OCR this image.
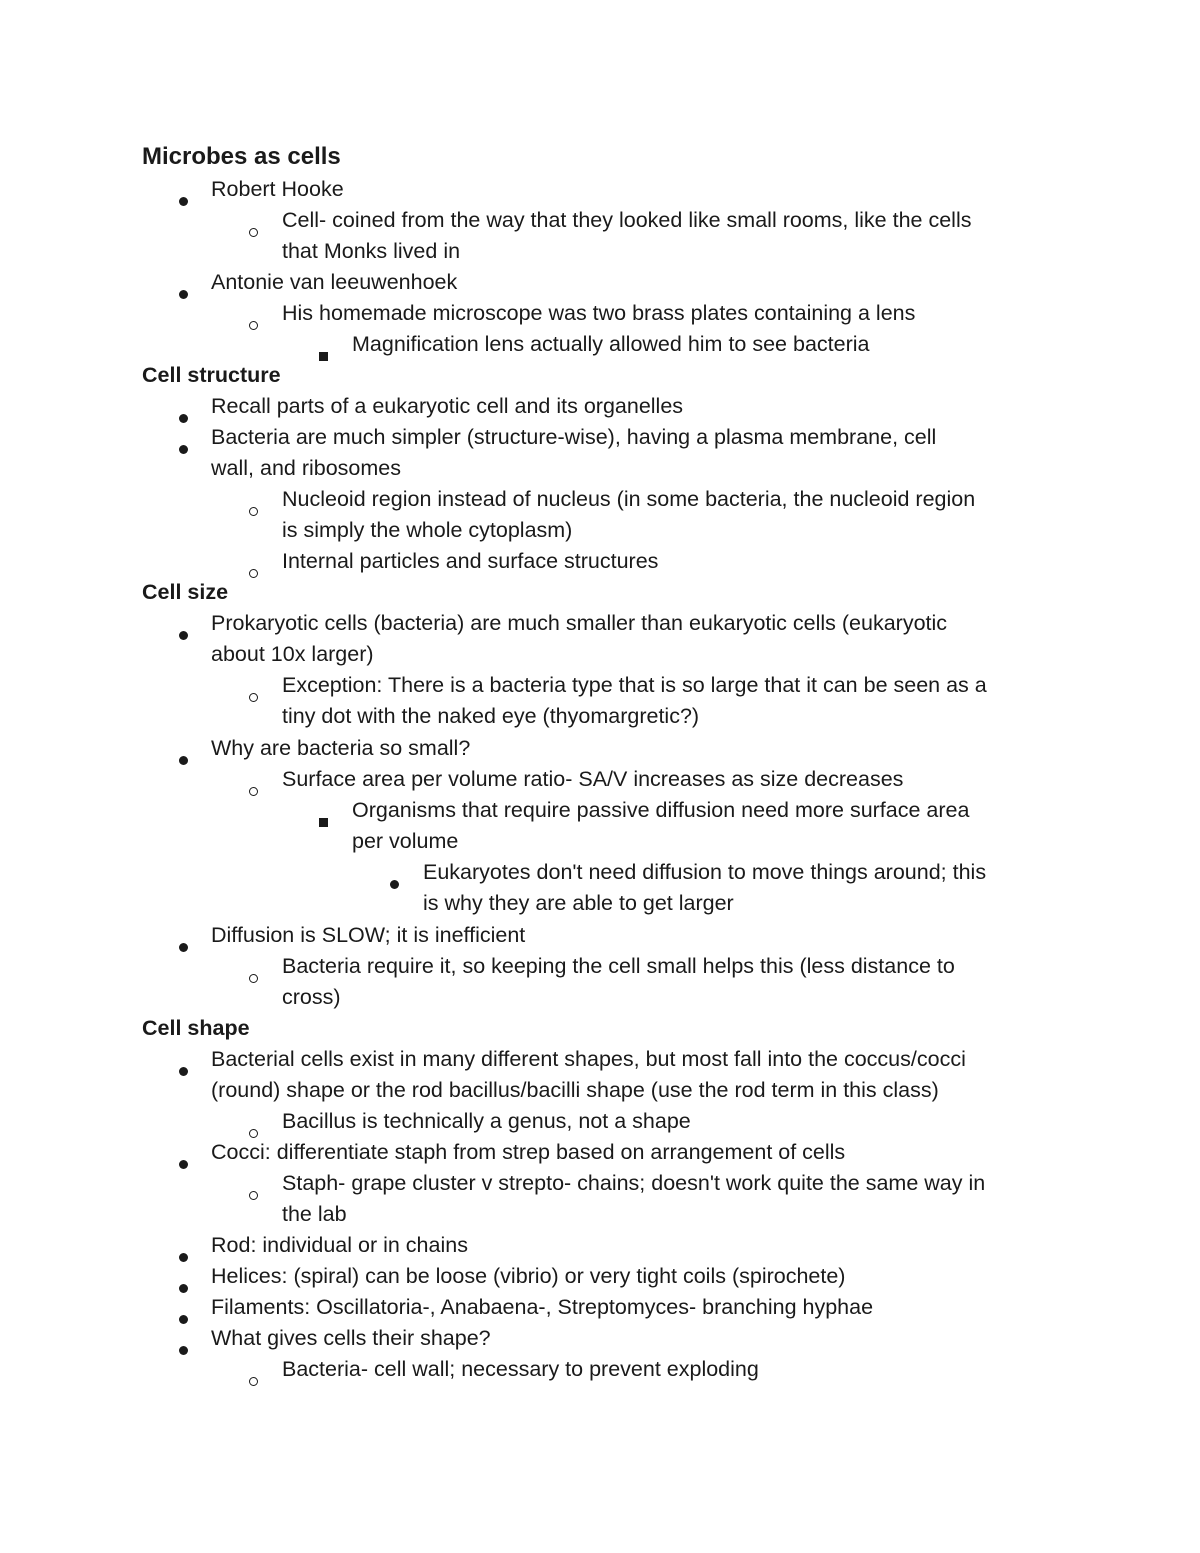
Microbes as cells
Robert Hooke
Cell- coined from the way that they looked like small rooms, like the cells
that Monks lived in
Antonie van leeuwenhoek
His homemade microscope was two brass plates containing a lens
Magnification lens actually allowed him to see bacteria
Cell structure
Recall parts of a eukaryotic cell and its organelles
Bacteria are much simpler (structure-wise), having a plasma membrane, cell
wall, and ribosomes
Nucleoid region instead of nucleus (in some bacteria, the nucleoid region
is simply the whole cytoplasm)
Internal particles and surface structures
Cell size
Prokaryotic cells (bacteria) are much smaller than eukaryotic cells (eukaryotic
about 10x larger)
Exception: There is a bacteria type that is so large that it can be seen as a
tiny dot with the naked eye (thyomargretic?)
Why are bacteria so small?
Surface area per volume ratio- SA/V increases as size decreases
Organisms that require passive diffusion need more surface area
per volume
Eukaryotes don't need diffusion to move things around; this
is why they are able to get larger
Diffusion is SLOW; it is inefficient
Bacteria require it, so keeping the cell small helps this (less distance to
cross)
Cell shape
Bacterial cells exist in many different shapes, but most fall into the coccus/cocci
(round) shape or the rod bacillus/bacilli shape (use the rod term in this class)
Bacillus is technically a genus, not a shape
Cocci: differentiate staph from strep based on arrangement of cells
Staph- grape cluster v strepto- chains; doesn't work quite the same way in
the lab
Rod: individual or in chains
Helices: (spiral) can be loose (vibrio) or very tight coils (spirochete)
Filaments: Oscillatoria-, Anabaena-, Streptomyces- branching hyphae
What gives cells their shape?
Bacteria- cell wall; necessary to prevent exploding
